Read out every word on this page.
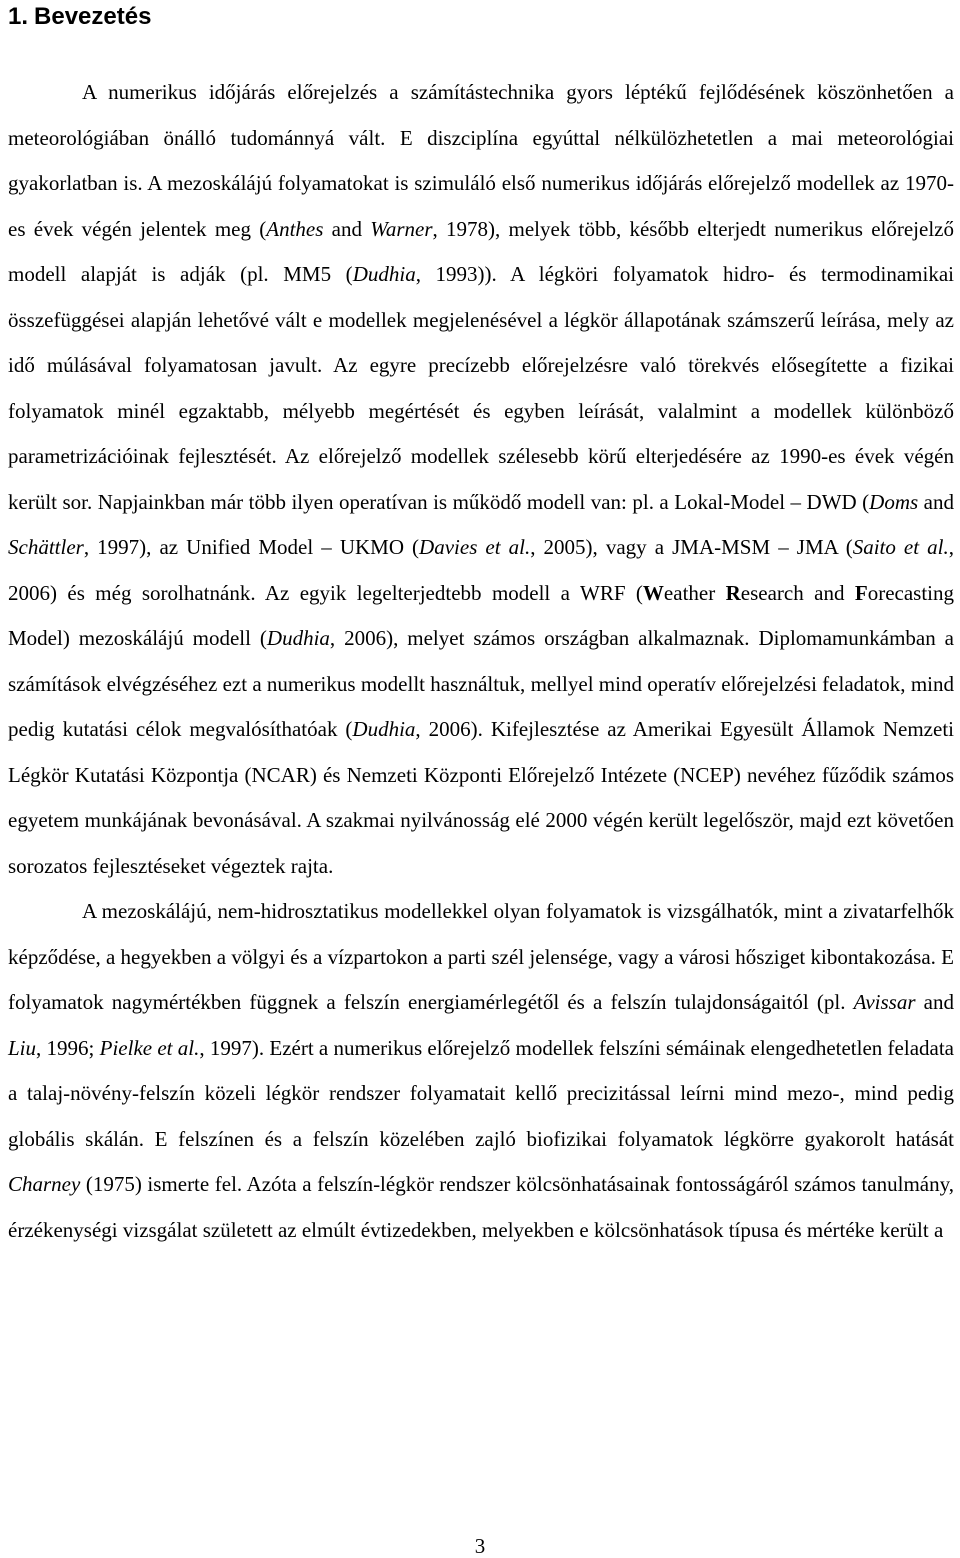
1. Bevezetés

A numerikus időjárás előrejelzés a számítástechnika gyors léptékű fejlődésének köszönhetően a meteorológiában önálló tudománnyá vált. E diszciplína egyúttal nélkülözhetetlen a mai meteorológiai gyakorlatban is. A mezoskálájú folyamatokat is szimuláló első numerikus időjárás előrejelző modellek az 1970-es évek végén jelentek meg (Anthes and Warner, 1978), melyek több, később elterjedt numerikus előrejelző modell alapját is adják (pl. MM5 (Dudhia, 1993)). A légköri folyamatok hidro- és termodinamikai összefüggései alapján lehetővé vált e modellek megjelenésével a légkör állapotának számszerű leírása, mely az idő múlásával folyamatosan javult. Az egyre precízebb előrejelzésre való törekvés elősegítette a fizikai folyamatok minél egzaktabb, mélyebb megértését és egyben leírását, valalmint a modellek különböző parametrizációinak fejlesztését. Az előrejelző modellek szélesebb körű elterjedésére az 1990-es évek végén került sor. Napjainkban már több ilyen operatívan is működő modell van: pl. a Lokal-Model – DWD (Doms and Schättler, 1997), az Unified Model – UKMO (Davies et al., 2005), vagy a JMA-MSM – JMA (Saito et al., 2006) és még sorolhatnánk. Az egyik legelterjedtebb modell a WRF (Weather Research and Forecasting Model) mezoskálájú modell (Dudhia, 2006), melyet számos országban alkalmaznak. Diplomamunkámban a számítások elvégzéséhez ezt a numerikus modellt használtuk, mellyel mind operatív előrejelzési feladatok, mind pedig kutatási célok megvalósíthatóak (Dudhia, 2006). Kifejlesztése az Amerikai Egyesült Államok Nemzeti Légkör Kutatási Központja (NCAR) és Nemzeti Központi Előrejelző Intézete (NCEP) nevéhez fűződik számos egyetem munkájának bevonásával. A szakmai nyilvánosság elé 2000 végén került legelőször, majd ezt követően sorozatos fejlesztéseket végeztek rajta.

A mezoskálájú, nem-hidrosztatikus modellekkel olyan folyamatok is vizsgálhatók, mint a zivatarfelhők képződése, a hegyekben a völgyi és a vízpartokon a parti szél jelensége, vagy a városi hősziget kibontakozása. E folyamatok nagymértékben függnek a felszín energiamérlegétől és a felszín tulajdonságaitól (pl. Avissar and Liu, 1996; Pielke et al., 1997). Ezért a numerikus előrejelző modellek felszíni sémáinak elengedhetetlen feladata a talaj-növény-felszín közeli légkör rendszer folyamatait kellő precizitással leírni mind mezo-, mind pedig globális skálán. E felszínen és a felszín közelében zajló biofizikai folyamatok légkörre gyakorolt hatását Charney (1975) ismerte fel. Azóta a felszín-légkör rendszer kölcsönhatásainak fontosságáról számos tanulmány, érzékenységi vizsgálat született az elmúlt évtizedekben, melyekben e kölcsönhatások típusa és mértéke került a

3
